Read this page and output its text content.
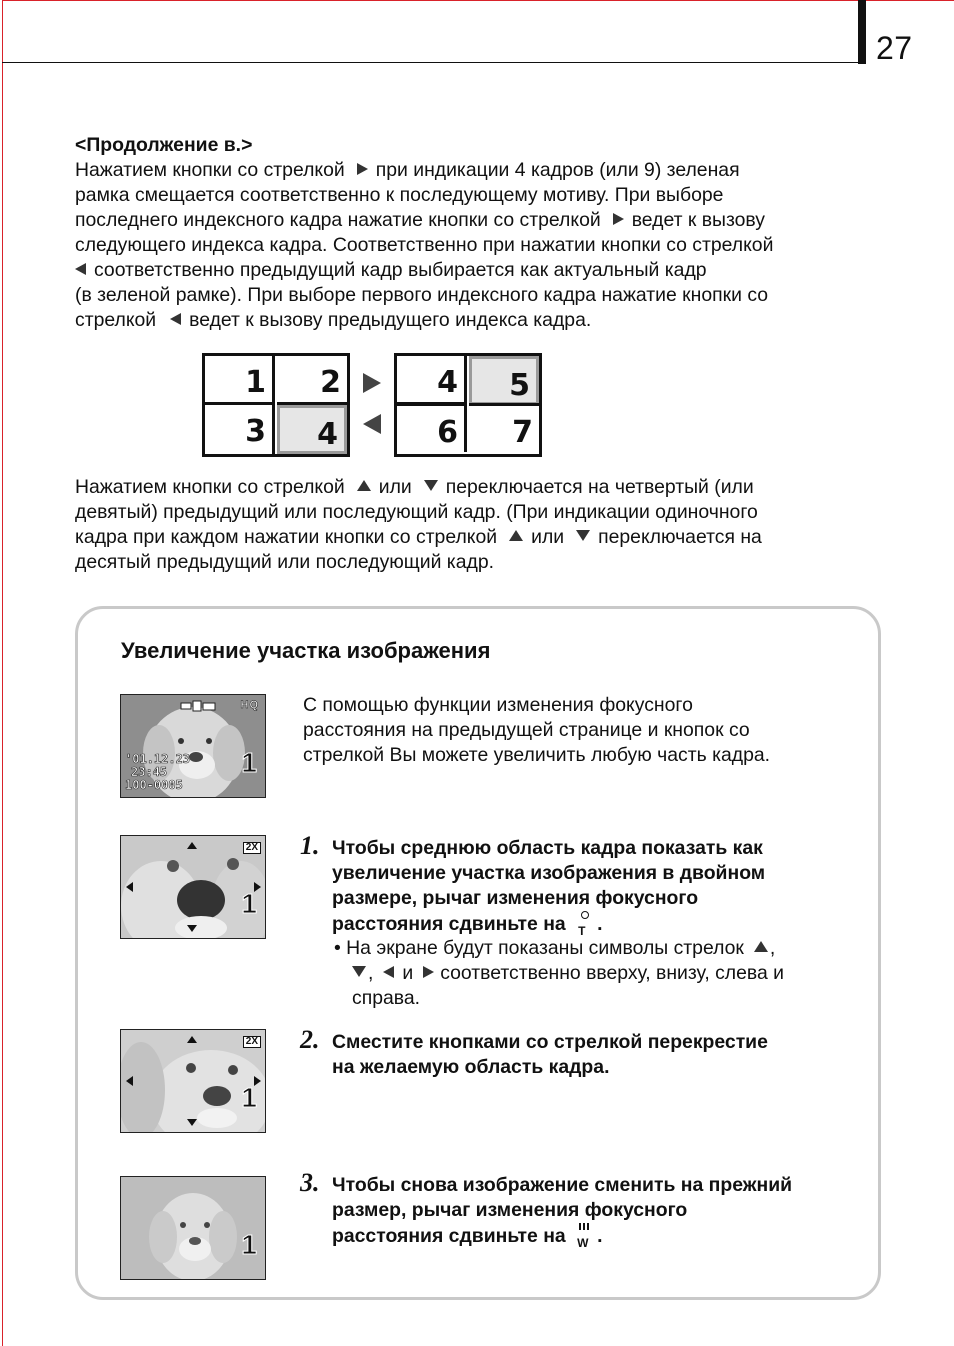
27
<Продолжение в.>
Нажатием кнопки со стрелкой при индикации 4 кадров (или 9) зеленая
рамка смещается соответственно к последующему мотиву. При выборе
последнего индексного кадра нажатие кнопки со стрелкой ведет к вызову
следующего индекса кадра. Соответственно при нажатии кнопки со стрелкой
соответственно предыдущий кадр выбирается как актуальный кадр
(в зеленой рамке). При выборе первого индексного кадра нажатие кнопки со
стрелкой ведет к вызову предыдущего индекса кадра.
1	2
3	4
4	5
6	7
Нажатием кнопки со стрелкой или переключается на четвертый (или
девятый) предыдущий или последующий кадр. (При индикации одиночного
кадра при каждом нажатии кнопки со стрелкой или переключается на
десятый предыдущий или последующий кадр.
Увеличение участка изображения
С помощью функции изменения фокусного
расстояния на предыдущей странице и кнопок со
стрелкой Вы можете увеличить любую часть кадра.
HQ
'01.12.23
23:45
100-0005
1
2X
1
2X
1
1
1. Чтобы среднюю область кадра показать как
увеличение участка изображения в двойном
размере, рычаг изменения фокусного
расстояния сдвиньте на T .
• На экране будут показаны символы стрелок ,
, и соответственно вверху, внизу, слева и
справа.
2. Сместите кнопками со стрелкой перекрестие
на желаемую область кадра.
3. Чтобы снова изображение сменить на прежний
размер, рычаг изменения фокусного
расстояния сдвиньте на W .
